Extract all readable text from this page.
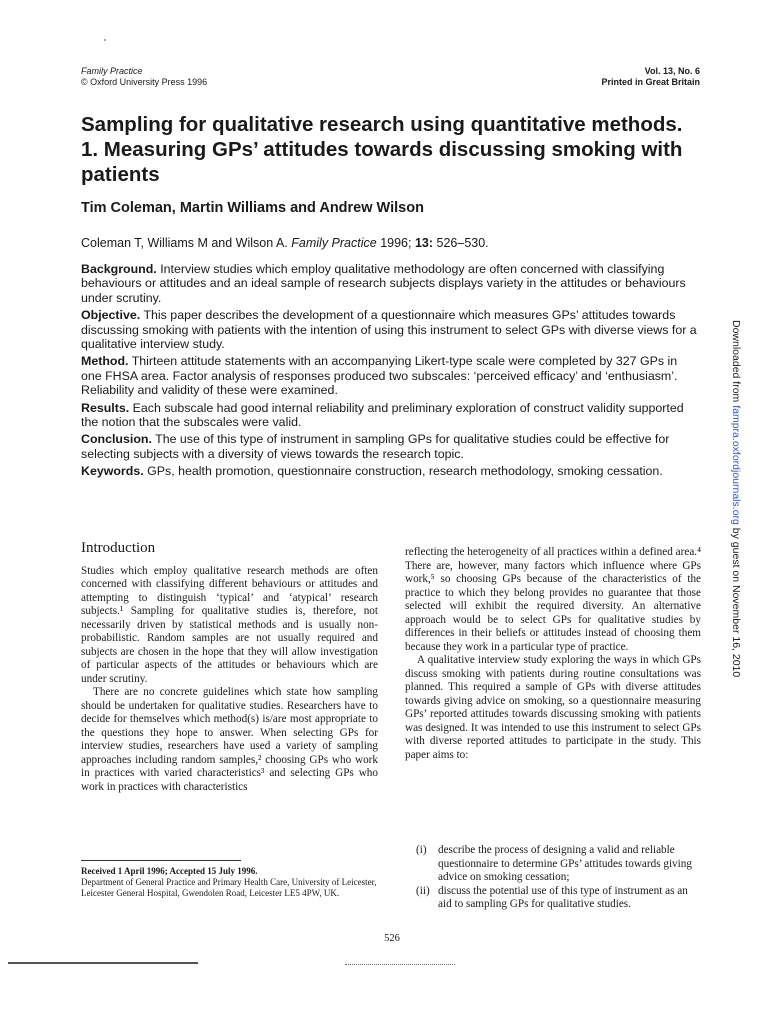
Family Practice
© Oxford University Press 1996
Vol. 13, No. 6
Printed in Great Britain
Sampling for qualitative research using quantitative methods. 1. Measuring GPs’ attitudes towards discussing smoking with patients
Tim Coleman, Martin Williams and Andrew Wilson
Coleman T, Williams M and Wilson A. Family Practice 1996; 13: 526–530.

Background. Interview studies which employ qualitative methodology are often concerned with classifying behaviours or attitudes and an ideal sample of research subjects displays variety in the attitudes or behaviours under scrutiny.

Objective. This paper describes the development of a questionnaire which measures GPs’ attitudes towards discussing smoking with patients with the intention of using this instrument to select GPs with diverse views for a qualitative interview study.

Method. Thirteen attitude statements with an accompanying Likert-type scale were completed by 327 GPs in one FHSA area. Factor analysis of responses produced two subscales: ‘perceived efficacy’ and ‘enthusiasm’. Reliability and validity of these were examined.

Results. Each subscale had good internal reliability and preliminary exploration of construct validity supported the notion that the subscales were valid.

Conclusion. The use of this type of instrument in sampling GPs for qualitative studies could be effective for selecting subjects with a diversity of views towards the research topic.

Keywords. GPs, health promotion, questionnaire construction, research methodology, smoking cessation.

Introduction

Studies which employ qualitative research methods are often concerned with classifying different behaviours or attitudes and attempting to distinguish ‘typical’ and ‘atypical’ research subjects.¹ Sampling for qualitative studies is, therefore, not necessarily driven by statistical methods and is usually non-probabilistic. Random samples are not usually required and subjects are chosen in the hope that they will allow investigation of particular aspects of the attitudes or behaviours which are under scrutiny.

There are no concrete guidelines which state how sampling should be undertaken for qualitative studies. Researchers have to decide for themselves which method(s) is/are most appropriate to the questions they hope to answer. When selecting GPs for interview studies, researchers have used a variety of sampling approaches including random samples,² choosing GPs who work in practices with varied characteristics³ and selecting GPs who work in practices with characteristics

reflecting the heterogeneity of all practices within a defined area.⁴ There are, however, many factors which influence where GPs work,⁵ so choosing GPs because of the characteristics of the practice to which they belong provides no guarantee that those selected will exhibit the required diversity. An alternative approach would be to select GPs for qualitative studies by differences in their beliefs or attitudes instead of choosing them because they work in a particular type of practice.

A qualitative interview study exploring the ways in which GPs discuss smoking with patients during routine consultations was planned. This required a sample of GPs with diverse attitudes towards giving advice on smoking, so a questionnaire measuring GPs’ reported attitudes towards discussing smoking with patients was designed. It was intended to use this instrument to select GPs with diverse reported attitudes to participate in the study. This paper aims to:

(i) describe the process of designing a valid and reliable questionnaire to determine GPs’ attitudes towards giving advice on smoking cessation;

(ii) discuss the potential use of this type of instrument as an aid to sampling GPs for qualitative studies.

Received 1 April 1996; Accepted 15 July 1996.
Department of General Practice and Primary Health Care, University of Leicester, Leicester General Hospital, Gwendolen Road, Leicester LE5 4PW, UK.
526
Downloaded from fampra.oxfordjournals.org by guest on November 16, 2010
